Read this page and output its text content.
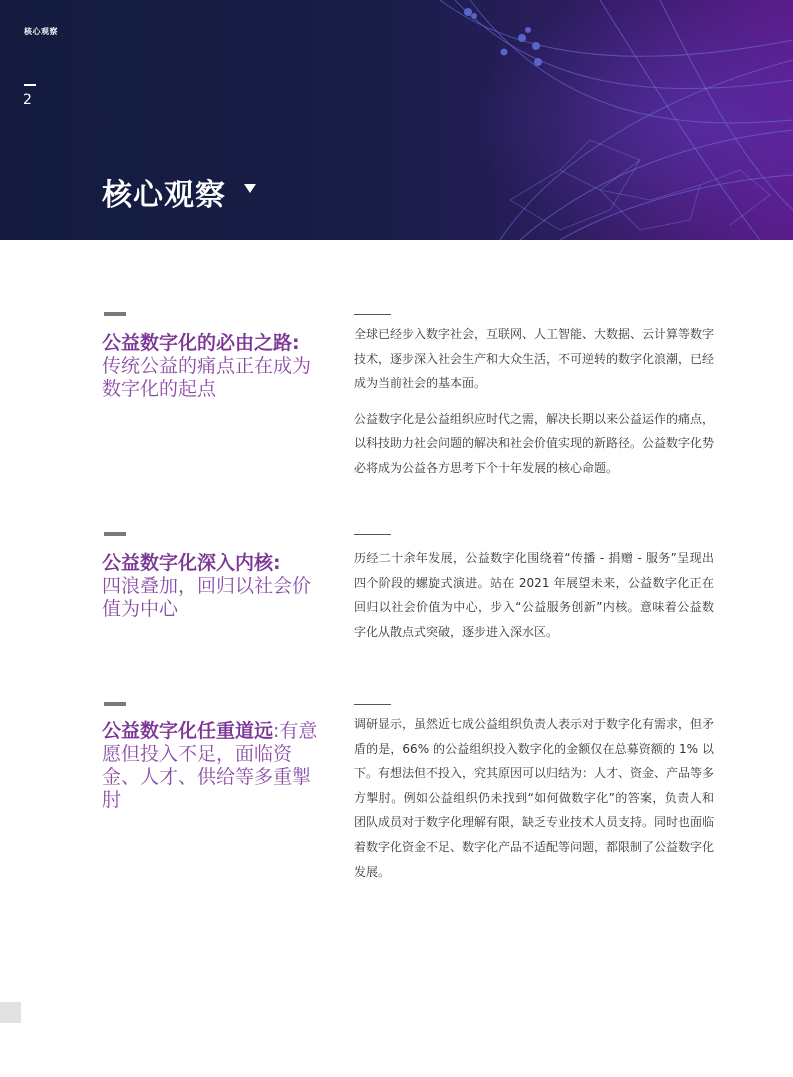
核心观察
2
核心观察
公益数字化的必由之路:
传统公益的痛点正在成为数字化的起点

全球已经步入数字社会，互联网、人工智能、大数据、云计算等数字技术，逐步深入社会生产和大众生活，不可逆转的数字化浪潮，已经成为当前社会的基本面。

公益数字化是公益组织应时代之需，解决长期以来公益运作的痛点，以科技助力社会问题的解决和社会价值实现的新路径。公益数字化势必将成为公益各方思考下个十年发展的核心命题。

公益数字化深入内核:
四浪叠加，回归以社会价值为中心

历经二十余年发展，公益数字化围绕着“传播 - 捐赠 - 服务”呈现出四个阶段的螺旋式演进。站在 2021 年展望未来，公益数字化正在回归以社会价值为中心，步入“公益服务创新”内核。意味着公益数字化从散点式突破，逐步进入深水区。

公益数字化任重道远:有意愿但投入不足，面临资金、人才、供给等多重掣肘

调研显示，虽然近七成公益组织负责人表示对于数字化有需求，但矛盾的是，66% 的公益组织投入数字化的金额仅在总募资额的 1% 以下。有想法但不投入，究其原因可以归结为：人才、资金、产品等多方掣肘。例如公益组织仍未找到“如何做数字化”的答案，负责人和团队成员对于数字化理解有限，缺乏专业技术人员支持。同时也面临着数字化资金不足、数字化产品不适配等问题，都限制了公益数字化发展。
